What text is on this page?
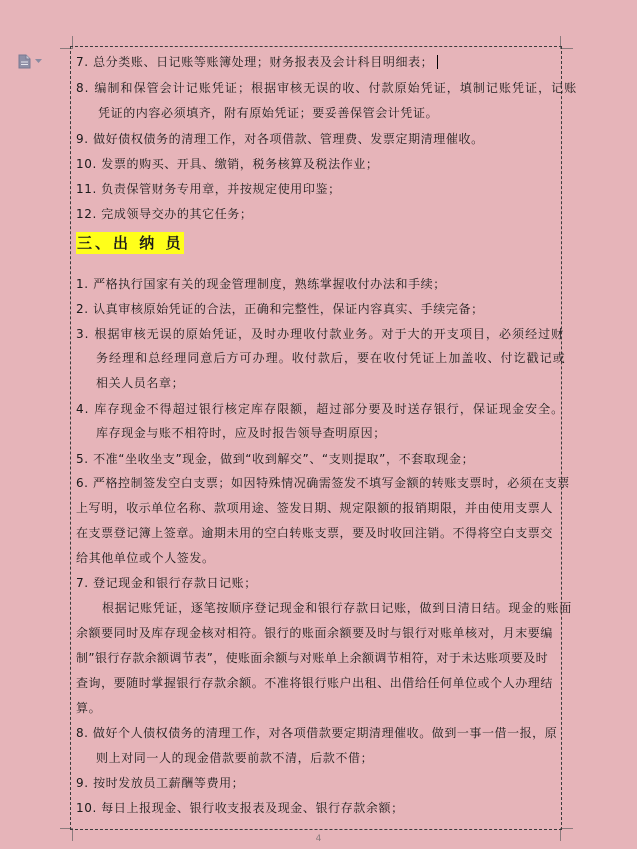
7. 总分类账、日记账等账簿处理；财务报表及会计科目明细表；
8. 编制和保管会计记账凭证；根据审核无误的收、付款原始凭证，填制记账凭证，记账
凭证的内容必须填齐，附有原始凭证；要妥善保管会计凭证。
9. 做好债权债务的清理工作，对各项借款、管理费、发票定期清理催收。
10. 发票的购买、开具、缴销，税务核算及税法作业；
11. 负责保管财务专用章，并按规定使用印鉴；
12. 完成领导交办的其它任务；
三、出 纳 员
1. 严格执行国家有关的现金管理制度，熟练掌握收付办法和手续；
2. 认真审核原始凭证的合法，正确和完整性，保证内容真实、手续完备；
3. 根据审核无误的原始凭证，及时办理收付款业务。对于大的开支项目，必须经过财
务经理和总经理同意后方可办理。收付款后，要在收付凭证上加盖收、付讫戳记或
相关人员名章；
4. 库存现金不得超过银行核定库存限额，超过部分要及时送存银行，保证现金安全。
库存现金与账不相符时，应及时报告领导查明原因；
5. 不准“坐收坐支”现金，做到“收到解交”、“支则提取”，不套取现金；
6. 严格控制签发空白支票；如因特殊情况确需签发不填写金额的转账支票时，必须在支票
上写明，收示单位名称、款项用途、签发日期、规定限额的报销期限，并由使用支票人
在支票登记簿上签章。逾期未用的空白转账支票，要及时收回注销。不得将空白支票交
给其他单位或个人签发。
7. 登记现金和银行存款日记账；
根据记账凭证，逐笔按顺序登记现金和银行存款日记账，做到日清日结。现金的账面
余额要同时及库存现金核对相符。银行的账面余额要及时与银行对账单核对，月末要编
制”银行存款余额调节表”，使账面余额与对账单上余额调节相符，对于未达账项要及时
查询，要随时掌握银行存款余额。不准将银行账户出租、出借给任何单位或个人办理结
算。
8. 做好个人债权债务的清理工作，对各项借款要定期清理催收。做到一事一借一报，原
则上对同一人的现金借款要前款不清，后款不借；
9. 按时发放员工薪酬等费用；
10. 每日上报现金、银行收支报表及现金、银行存款余额；
4
